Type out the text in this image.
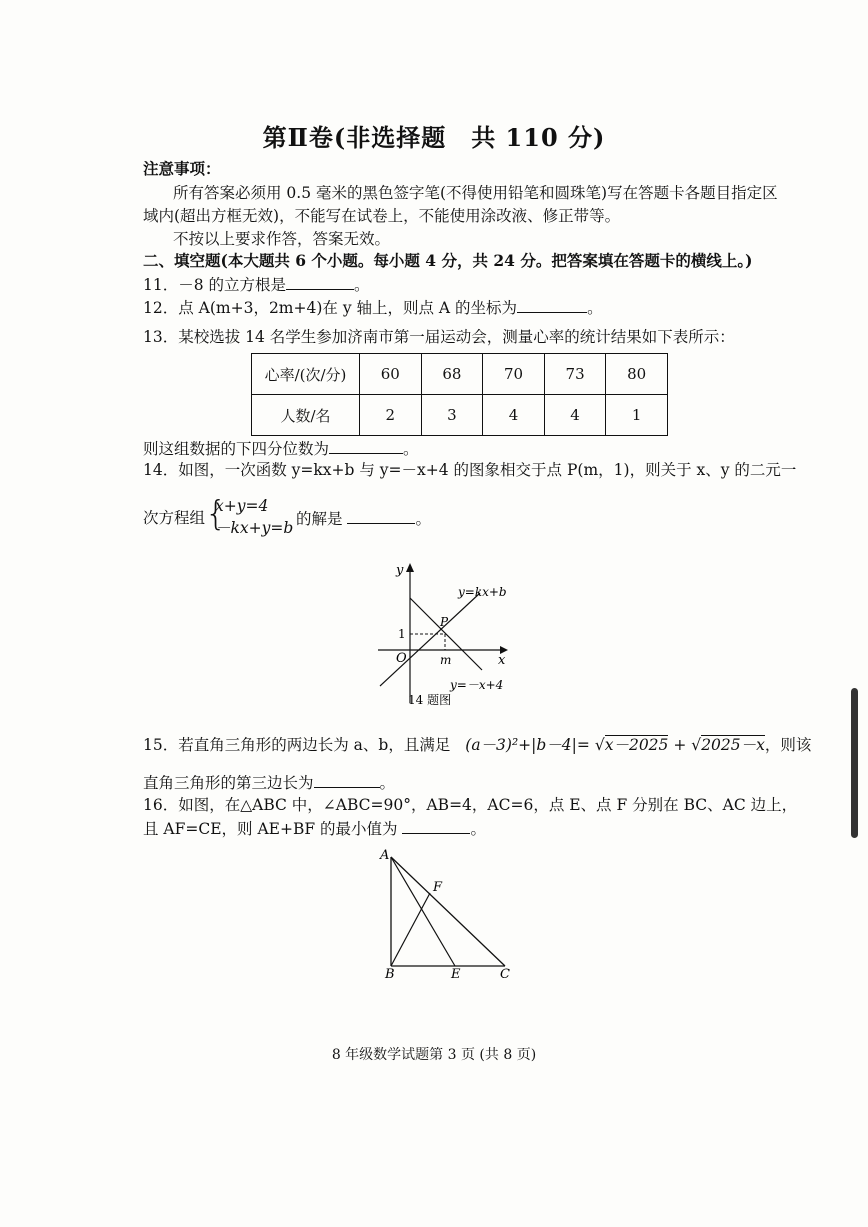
第Ⅱ卷(非选择题　共 110 分)
注意事项：
所有答案必须用 0.5 毫米的黑色签字笔(不得使用铅笔和圆珠笔)写在答题卡各题目指定区
域内(超出方框无效)，不能写在试卷上，不能使用涂改液、修正带等。
不按以上要求作答，答案无效。
二、填空题(本大题共 6 个小题。每小题 4 分，共 24 分。把答案填在答题卡的横线上。)
11．－8 的立方根是	。
12．点 A(m+3，2m+4)在 y 轴上，则点 A 的坐标为	。
13．某校选拔 14 名学生参加济南市第一届运动会，测量心率的统计结果如下表所示：
心率/(次/分)	60	68	70	73	80
人数/名	2	3	4	4	1
则这组数据的下四分位数为	。
14．如图，一次函数 y=kx+b 与 y=－x+4 的图象相交于点 P(m，1)，则关于 x、y 的二元一
次方程组 {
x+y=4
－kx+y=b 的解是	。
y
x
O
1
m
P
y=kx+b
y=－x+4
14 题图
15．若直角三角形的两边长为 a、b，且满足 (a－3)²+|b－4|= √x－2025 + √2025－x，则该
直角三角形的第三边长为	。
16．如图，在△ABC 中，∠ABC=90°，AB=4，AC=6，点 E、点 F 分别在 BC、AC 边上，
且 AF=CE，则 AE+BF 的最小值为	。
A
F
B	E	C
8 年级数学试题第 3 页 (共 8 页)
